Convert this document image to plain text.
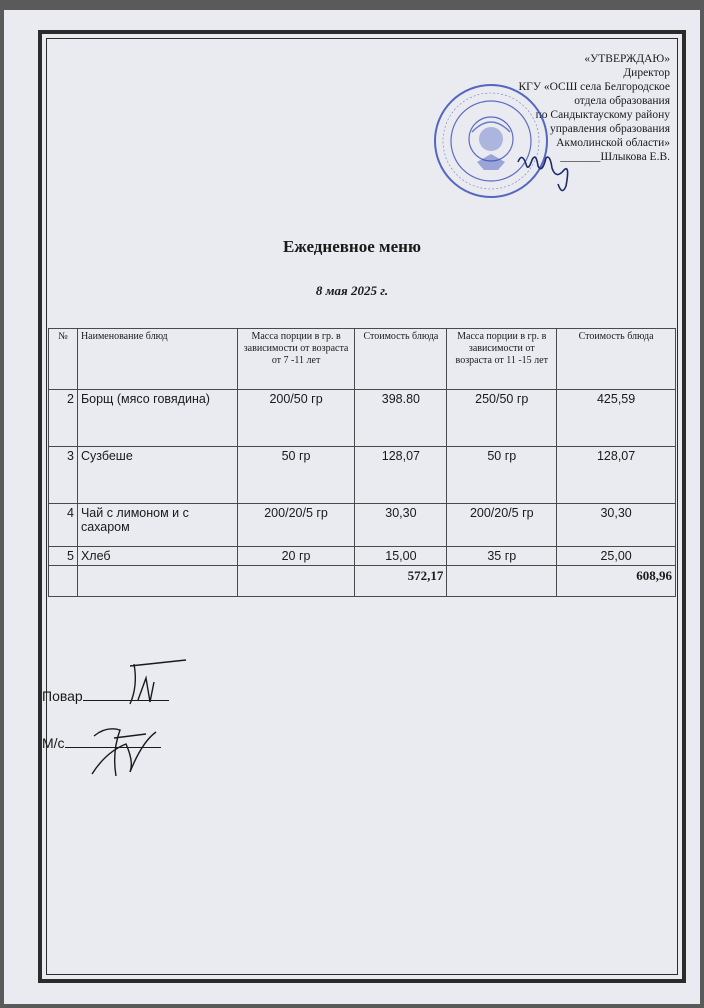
«УТВЕРЖДАЮ»
Директор
КГУ «ОСШ села Белгородское
отдела образования
по Сандыктаускому району
управления образования
Акмолинской области»
_______Шлыкова Е.В.
Ежедневное меню
8 мая 2025 г.
№	Наименование блюд	Масса порции в гр. в зависимости от возраста от 7 -11 лет	Стоимость блюда	Масса порции в гр. в зависимости от возраста от 11 -15 лет	Стоимость блюда
2	Борщ (мясо говядина)	200/50 гр	398.80	250/50 гр	425,59
3	Сузбеше	50 гр	128,07	50 гр	128,07
4	Чай с лимоном и с сахаром	200/20/5 гр	30,30	200/20/5 гр	30,30
5	Хлеб	20 гр	15,00	35 гр	25,00
			572,17		608,96
Повар
М/с
